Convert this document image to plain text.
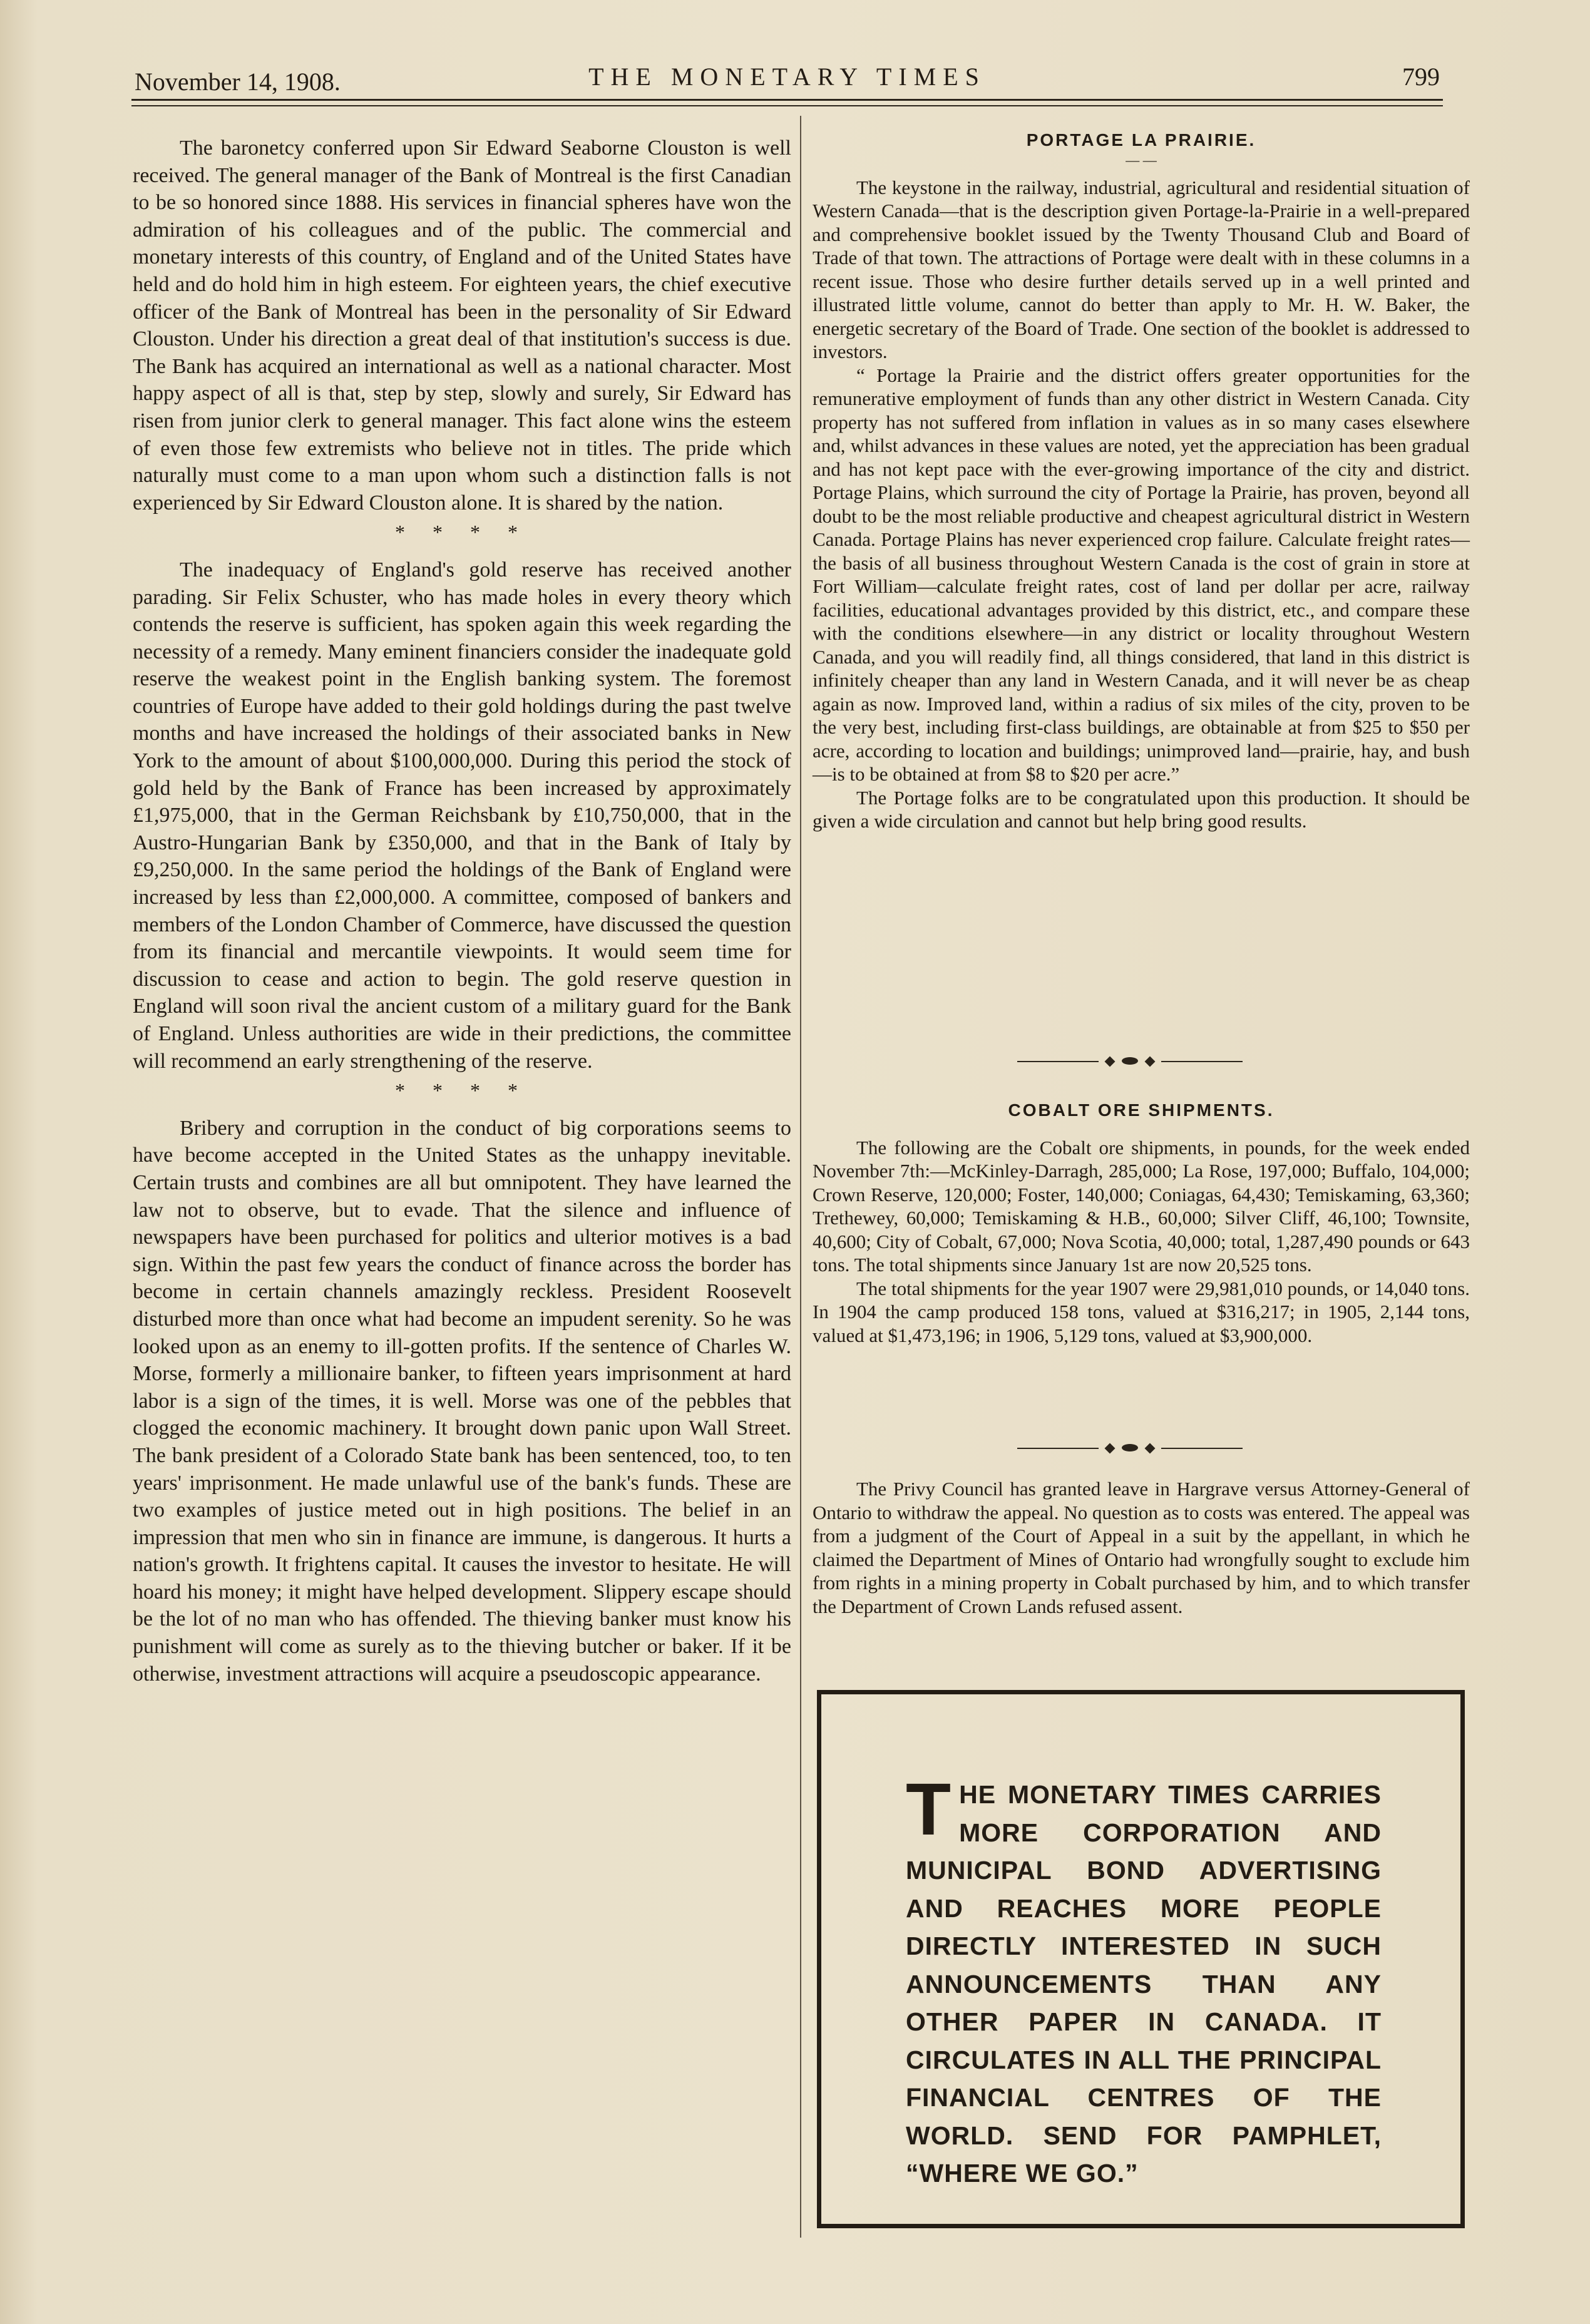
November 14, 1908.	THE MONETARY TIMES	799

The baronetcy conferred upon Sir Edward Seaborne Clouston is well received. The general manager of the Bank of Montreal is the first Canadian to be so honored since 1888. His services in financial spheres have won the admiration of his colleagues and of the public. The commercial and monetary interests of this country, of England and of the United States have held and do hold him in high esteem. For eighteen years, the chief executive officer of the Bank of Montreal has been in the personality of Sir Edward Clouston. Under his direction a great deal of that institution's success is due. The Bank has acquired an international as well as a national character. Most happy aspect of all is that, step by step, slowly and surely, Sir Edward has risen from junior clerk to general manager. This fact alone wins the esteem of even those few extremists who believe not in titles. The pride which naturally must come to a man upon whom such a distinction falls is not experienced by Sir Edward Clouston alone. It is shared by the nation.

* * * *

The inadequacy of England's gold reserve has received another parading. Sir Felix Schuster, who has made holes in every theory which contends the reserve is sufficient, has spoken again this week regarding the necessity of a remedy. Many eminent financiers consider the inadequate gold reserve the weakest point in the English banking system. The foremost countries of Europe have added to their gold holdings during the past twelve months and have increased the holdings of their associated banks in New York to the amount of about $100,000,000. During this period the stock of gold held by the Bank of France has been increased by approximately £1,975,000, that in the German Reichsbank by £10,750,000, that in the Austro-Hungarian Bank by £350,000, and that in the Bank of Italy by £9,250,000. In the same period the holdings of the Bank of England were increased by less than £2,000,000. A committee, composed of bankers and members of the London Chamber of Commerce, have discussed the question from its financial and mercantile viewpoints. It would seem time for discussion to cease and action to begin. The gold reserve question in England will soon rival the ancient custom of a military guard for the Bank of England. Unless authorities are wide in their predictions, the committee will recommend an early strengthening of the reserve.

* * * *

Bribery and corruption in the conduct of big corporations seems to have become accepted in the United States as the unhappy inevitable. Certain trusts and combines are all but omnipotent. They have learned the law not to observe, but to evade. That the silence and influence of newspapers have been purchased for politics and ulterior motives is a bad sign. Within the past few years the conduct of finance across the border has become in certain channels amazingly reckless. President Roosevelt disturbed more than once what had become an impudent serenity. So he was looked upon as an enemy to ill-gotten profits. If the sentence of Charles W. Morse, formerly a millionaire banker, to fifteen years imprisonment at hard labor is a sign of the times, it is well. Morse was one of the pebbles that clogged the economic machinery. It brought down panic upon Wall Street. The bank president of a Colorado State bank has been sentenced, too, to ten years' imprisonment. He made unlawful use of the bank's funds. These are two examples of justice meted out in high positions. The belief in an impression that men who sin in finance are immune, is dangerous. It hurts a nation's growth. It frightens capital. It causes the investor to hesitate. He will hoard his money; it might have helped development. Slippery escape should be the lot of no man who has offended. The thieving banker must know his punishment will come as surely as to the thieving butcher or baker. If it be otherwise, investment attractions will acquire a pseudoscopic appearance.

PORTAGE LA PRAIRIE.
— —

The keystone in the railway, industrial, agricultural and residential situation of Western Canada—that is the description given Portage-la-Prairie in a well-prepared and comprehensive booklet issued by the Twenty Thousand Club and Board of Trade of that town. The attractions of Portage were dealt with in these columns in a recent issue. Those who desire further details served up in a well printed and illustrated little volume, cannot do better than apply to Mr. H. W. Baker, the energetic secretary of the Board of Trade. One section of the booklet is addressed to investors.

“ Portage la Prairie and the district offers greater opportunities for the remunerative employment of funds than any other district in Western Canada. City property has not suffered from inflation in values as in so many cases elsewhere and, whilst advances in these values are noted, yet the appreciation has been gradual and has not kept pace with the ever-growing importance of the city and district. Portage Plains, which surround the city of Portage la Prairie, has proven, beyond all doubt to be the most reliable productive and cheapest agricultural district in Western Canada. Portage Plains has never experienced crop failure. Calculate freight rates—the basis of all business throughout Western Canada is the cost of grain in store at Fort William—calculate freight rates, cost of land per dollar per acre, railway facilities, educational advantages provided by this district, etc., and compare these with the conditions elsewhere—in any district or locality throughout Western Canada, and you will readily find, all things considered, that land in this district is infinitely cheaper than any land in Western Canada, and it will never be as cheap again as now. Improved land, within a radius of six miles of the city, proven to be the very best, including first-class buildings, are obtainable at from $25 to $50 per acre, according to location and buildings; unimproved land—prairie, hay, and bush—is to be obtained at from $8 to $20 per acre.”

The Portage folks are to be congratulated upon this production. It should be given a wide circulation and cannot but help bring good results.

COBALT ORE SHIPMENTS.

The following are the Cobalt ore shipments, in pounds, for the week ended November 7th:—McKinley-Darragh, 285,000; La Rose, 197,000; Buffalo, 104,000; Crown Reserve, 120,000; Foster, 140,000; Coniagas, 64,430; Temiskaming, 63,360; Trethewey, 60,000; Temiskaming & H.B., 60,000; Silver Cliff, 46,100; Townsite, 40,600; City of Cobalt, 67,000; Nova Scotia, 40,000; total, 1,287,490 pounds or 643 tons. The total shipments since January 1st are now 20,525 tons.

The total shipments for the year 1907 were 29,981,010 pounds, or 14,040 tons. In 1904 the camp produced 158 tons, valued at $316,217; in 1905, 2,144 tons, valued at $1,473,196; in 1906, 5,129 tons, valued at $3,900,000.

The Privy Council has granted leave in Hargrave versus Attorney-General of Ontario to withdraw the appeal. No question as to costs was entered. The appeal was from a judgment of the Court of Appeal in a suit by the appellant, in which he claimed the Department of Mines of Ontario had wrongfully sought to exclude him from rights in a mining property in Cobalt purchased by him, and to which transfer the Department of Crown Lands refused assent.

THE MONETARY TIMES CARRIES MORE CORPORATION AND MUNICIPAL BOND ADVERTISING AND REACHES MORE PEOPLE DIRECTLY INTERESTED IN SUCH ANNOUNCEMENTS THAN ANY OTHER PAPER IN CANADA. IT CIRCULATES IN ALL THE PRINCIPAL FINANCIAL CENTRES OF THE WORLD. SEND FOR PAMPHLET, “WHERE WE GO.”
